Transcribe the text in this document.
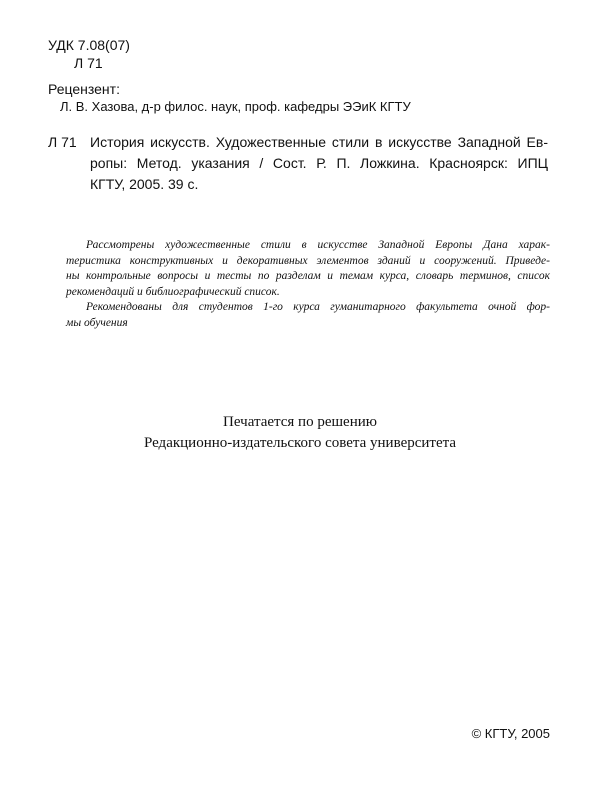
УДК 7.08(07)
Л 71
Рецензент:
Л. В. Хазова, д-р филос. наук, проф. кафедры ЭЭиК КГТУ
Л 71 История искусств. Художественные стили в искусстве Западной Ев-
ропы: Метод. указания / Сост. Р. П. Ложкина. Красноярск: ИПЦ
КГТУ, 2005. 39 с.
Рассмотрены художественные стили в искусстве Западной Европы Дана харак-
теристика конструктивных и декоративных элементов зданий и сооружений. Приведе-
ны контрольные вопросы и тесты по разделам и темам курса, словарь терминов, список
рекомендаций и библиографический список.
Рекомендованы для студентов 1-го курса гуманитарного факультета очной фор-
мы обучения
Печатается по решению
Редакционно-издательского совета университета
© КГТУ, 2005
